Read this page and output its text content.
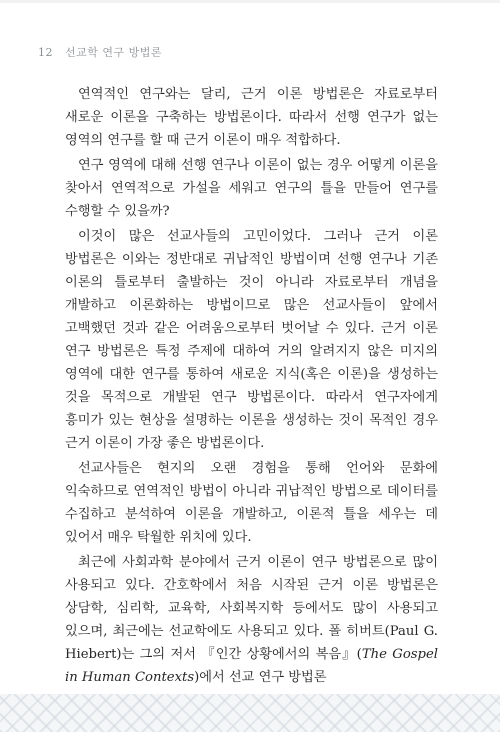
12 선교학 연구 방법론

연역적인 연구와는 달리, 근거 이론 방법론은 자료로부터 새로운 이론을 구축하는 방법론이다. 따라서 선행 연구가 없는 영역의 연구를 할 때 근거 이론이 매우 적합하다.

연구 영역에 대해 선행 연구나 이론이 없는 경우 어떻게 이론을 찾아서 연역적으로 가설을 세워고 연구의 틀을 만들어 연구를 수행할 수 있을까?

이것이 많은 선교사들의 고민이었다. 그러나 근거 이론 방법론은 이와는 정반대로 귀납적인 방법이며 선행 연구나 기존 이론의 틀로부터 출발하는 것이 아니라 자료로부터 개념을 개발하고 이론화하는 방법이므로 많은 선교사들이 앞에서 고백했던 것과 같은 어려움으로부터 벗어날 수 있다. 근거 이론 연구 방법론은 특정 주제에 대하여 거의 알려지지 않은 미지의 영역에 대한 연구를 통하여 새로운 지식(혹은 이론)을 생성하는 것을 목적으로 개발된 연구 방법론이다. 따라서 연구자에게 흥미가 있는 현상을 설명하는 이론을 생성하는 것이 목적인 경우 근거 이론이 가장 좋은 방법론이다.

선교사들은 현지의 오랜 경험을 통해 언어와 문화에 익숙하므로 연역적인 방법이 아니라 귀납적인 방법으로 데이터를 수집하고 분석하여 이론을 개발하고, 이론적 틀을 세우는 데 있어서 매우 탁월한 위치에 있다.

최근에 사회과학 분야에서 근거 이론이 연구 방법론으로 많이 사용되고 있다. 간호학에서 처음 시작된 근거 이론 방법론은 상담학, 심리학, 교육학, 사회복지학 등에서도 많이 사용되고 있으며, 최근에는 선교학에도 사용되고 있다. 폴 히버트(Paul G. Hiebert)는 그의 저서 『인간 상황에서의 복음』(The Gospel in Human Contexts)에서 선교 연구 방법론
